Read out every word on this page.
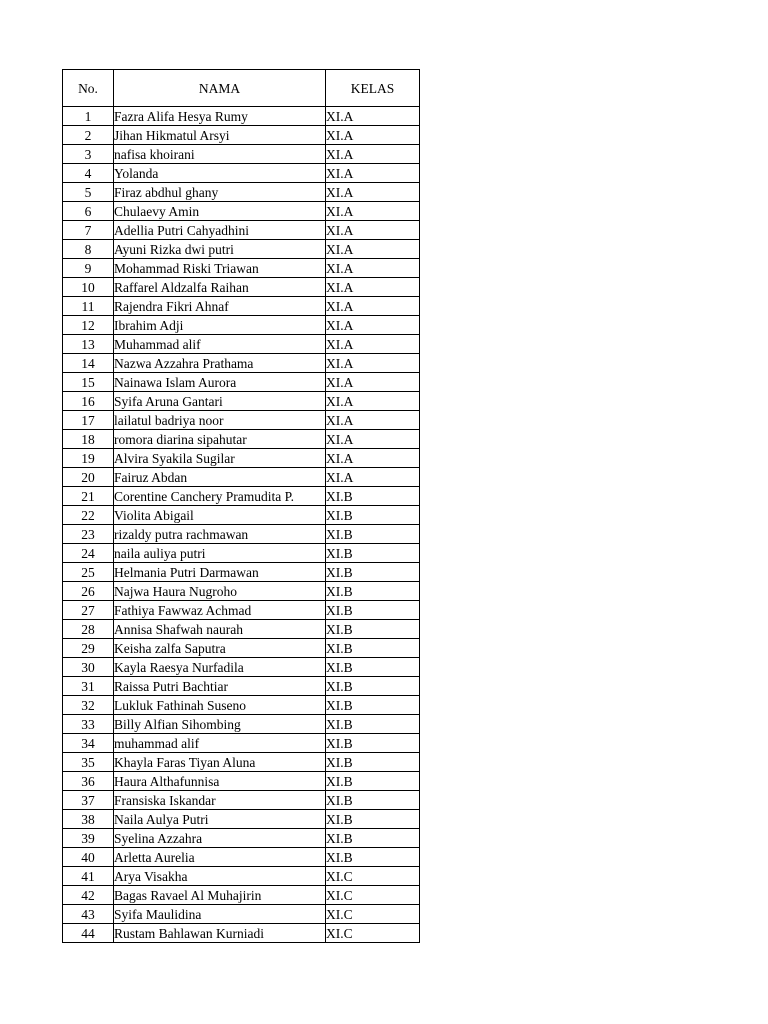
No.	NAMA	KELAS
1	Fazra Alifa Hesya Rumy	XI.A
2	Jihan Hikmatul Arsyi	XI.A
3	nafisa khoirani	XI.A
4	Yolanda	XI.A
5	Firaz abdhul ghany	XI.A
6	Chulaevy Amin	XI.A
7	Adellia Putri Cahyadhini	XI.A
8	Ayuni Rizka dwi putri	XI.A
9	Mohammad Riski Triawan	XI.A
10	Raffarel Aldzalfa Raihan	XI.A
11	Rajendra Fikri Ahnaf	XI.A
12	Ibrahim Adji	XI.A
13	Muhammad alif	XI.A
14	Nazwa Azzahra Prathama	XI.A
15	Nainawa Islam Aurora	XI.A
16	Syifa Aruna Gantari	XI.A
17	lailatul badriya noor	XI.A
18	romora diarina sipahutar	XI.A
19	Alvira Syakila Sugilar	XI.A
20	Fairuz Abdan	XI.A
21	Corentine Canchery Pramudita P.	XI.B
22	Violita Abigail	XI.B
23	rizaldy putra rachmawan	XI.B
24	naila auliya putri	XI.B
25	Helmania Putri Darmawan	XI.B
26	Najwa Haura Nugroho	XI.B
27	Fathiya Fawwaz Achmad	XI.B
28	Annisa Shafwah naurah	XI.B
29	Keisha zalfa Saputra	XI.B
30	Kayla Raesya Nurfadila	XI.B
31	Raissa Putri Bachtiar	XI.B
32	Lukluk Fathinah Suseno	XI.B
33	Billy Alfian Sihombing	XI.B
34	muhammad alif	XI.B
35	Khayla Faras Tiyan Aluna	XI.B
36	Haura Althafunnisa	XI.B
37	Fransiska Iskandar	XI.B
38	Naila Aulya Putri	XI.B
39	Syelina Azzahra	XI.B
40	Arletta Aurelia	XI.B
41	Arya Visakha	XI.C
42	Bagas Ravael Al Muhajirin	XI.C
43	Syifa Maulidina	XI.C
44	Rustam Bahlawan Kurniadi	XI.C
